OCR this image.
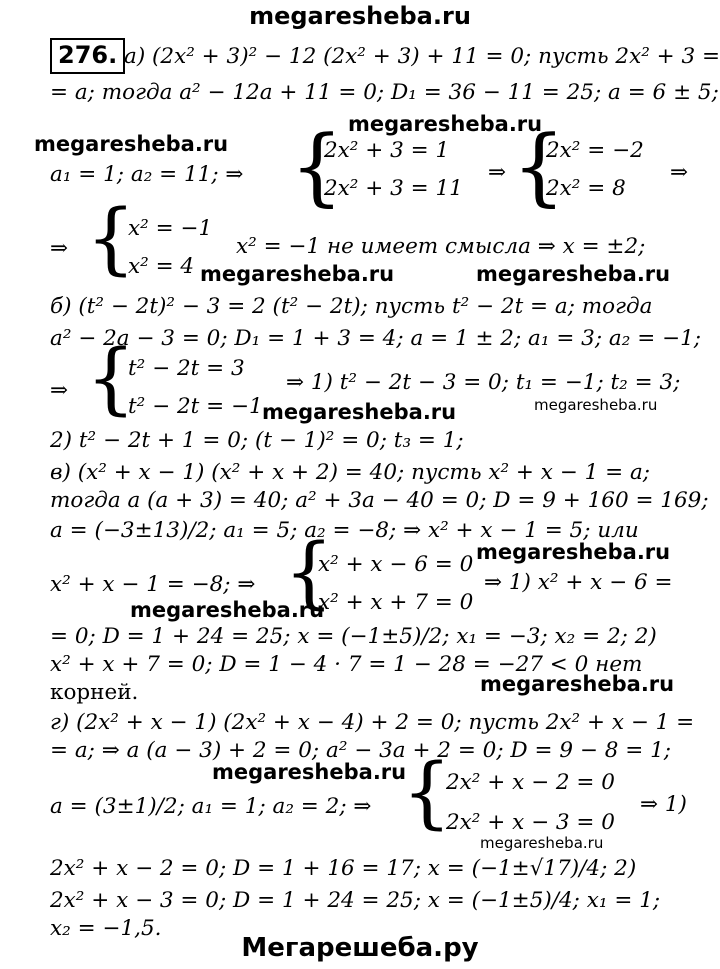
megaresheba.ru
276. а) (2x² + 3)² − 12 (2x² + 3) + 11 = 0; пусть 2x² + 3 =
= a; тогда a² − 12a + 11 = 0; D₁ = 36 − 11 = 25; a = 6 ± 5;
megaresheba.ru
megaresheba.ru
a₁ = 1; a₂ = 11; ⇒ {
2x² + 3 = 1
2x² + 3 = 11
⇒ {
2x² = −2
2x² = 8
⇒
⇒ {
x² = −1
x² = 4
x² = −1 не имеет смысла ⇒ x = ±2;
megaresheba.ru	megaresheba.ru
б) (t² − 2t)² − 3 = 2 (t² − 2t); пусть t² − 2t = a; тогда
a² − 2a − 3 = 0; D₁ = 1 + 3 = 4; a = 1 ± 2; a₁ = 3; a₂ = −1;
⇒ {
t² − 2t = 3
t² − 2t = −1
⇒ 1) t² − 2t − 3 = 0; t₁ = −1; t₂ = 3;
megaresheba.ru	megaresheba.ru
2) t² − 2t + 1 = 0; (t − 1)² = 0; t₃ = 1;
в) (x² + x − 1) (x² + x + 2) = 40; пусть x² + x − 1 = a;
тогда a (a + 3) = 40; a² + 3a − 40 = 0; D = 9 + 160 = 169;
a = (−3±13)/2; a₁ = 5; a₂ = −8; ⇒ x² + x − 1 = 5; или
megaresheba.ru
x² + x − 1 = −8; ⇒ {
x² + x − 6 = 0
x² + x + 7 = 0
⇒ 1) x² + x − 6 =
megaresheba.ru
= 0; D = 1 + 24 = 25; x = (−1±5)/2; x₁ = −3; x₂ = 2; 2)
x² + x + 7 = 0; D = 1 − 4 · 7 = 1 − 28 = −27 < 0 нет
корней.	megaresheba.ru
г) (2x² + x − 1) (2x² + x − 4) + 2 = 0; пусть 2x² + x − 1 =
= a; ⇒ a (a − 3) + 2 = 0; a² − 3a + 2 = 0; D = 9 − 8 = 1;
megaresheba.ru
a = (3±1)/2; a₁ = 1; a₂ = 2; ⇒ {
2x² + x − 2 = 0
2x² + x − 3 = 0
⇒ 1)
megaresheba.ru
2x² + x − 2 = 0; D = 1 + 16 = 17; x = (−1±√17)/4; 2)
2x² + x − 3 = 0; D = 1 + 24 = 25; x = (−1±5)/4; x₁ = 1;
x₂ = −1,5.
Мегарешеба.ру
